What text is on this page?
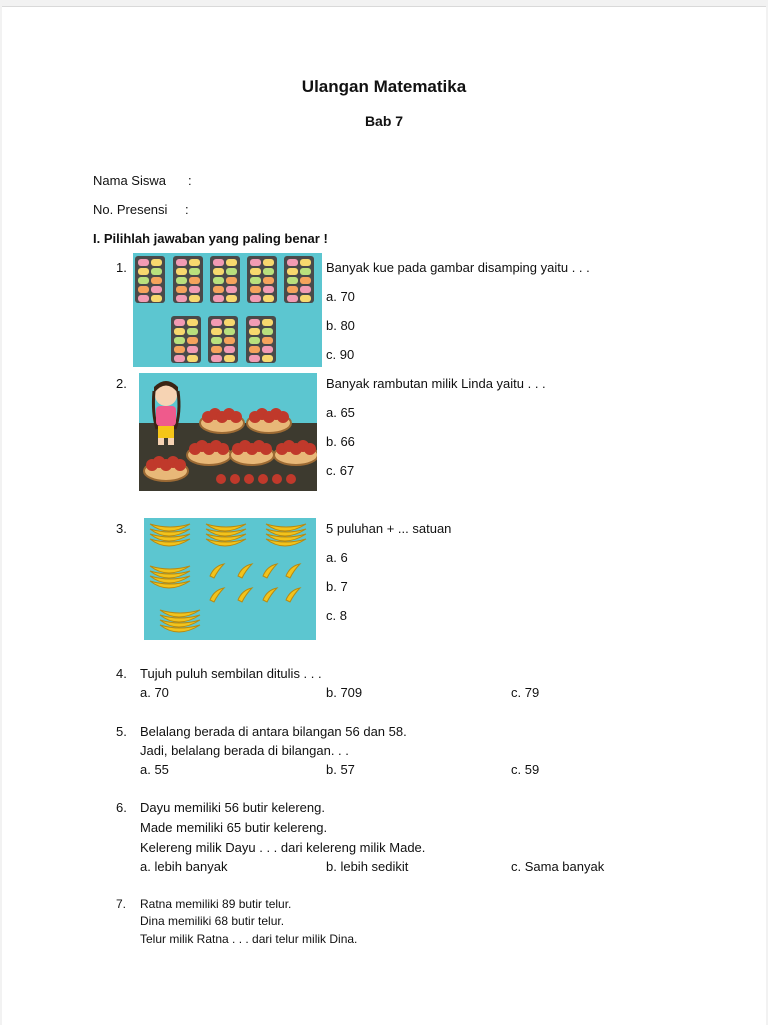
Ulangan Matematika
Bab 7
Nama Siswa :
No. Presensi :
I. Pilihlah jawaban yang paling benar !
1.	Banyak kue pada gambar disamping yaitu . . .
a. 70
b. 80
c. 90
2.	Banyak rambutan milik Linda yaitu . . .
a. 65
b. 66
c. 67
3.	5 puluhan + ... satuan
a. 6
b. 7
c. 8
4. Tujuh puluh sembilan ditulis . . .
a. 70	b. 709	c. 79
5. Belalang berada di antara bilangan 56 dan 58.
Jadi, belalang berada di bilangan. . .
a. 55	b. 57	c. 59
6. Dayu memiliki 56 butir kelereng.
Made memiliki 65 butir kelereng.
Kelereng milik Dayu . . . dari kelereng milik Made.
a. lebih banyak	b. lebih sedikit	c. Sama banyak
7. Ratna memiliki 89 butir telur.
Dina memiliki 68 butir telur.
Telur milik Ratna . . . dari telur milik Dina.
